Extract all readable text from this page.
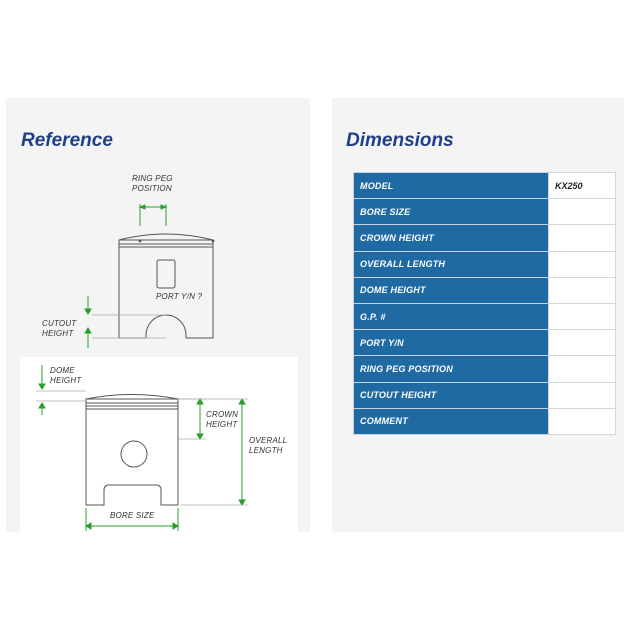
Reference	Dimensions
RING PEG
POSITION
PORT Y/N ?
CUTOUT
HEIGHT
DOME
HEIGHT
CROWN
HEIGHT
OVERALL
LENGTH
BORE SIZE
MODEL	KX250
BORE SIZE	
CROWN HEIGHT	
OVERALL LENGTH	
DOME HEIGHT	
G.P. #	
PORT Y/N	
RING PEG POSITION	
CUTOUT HEIGHT	
COMMENT	
